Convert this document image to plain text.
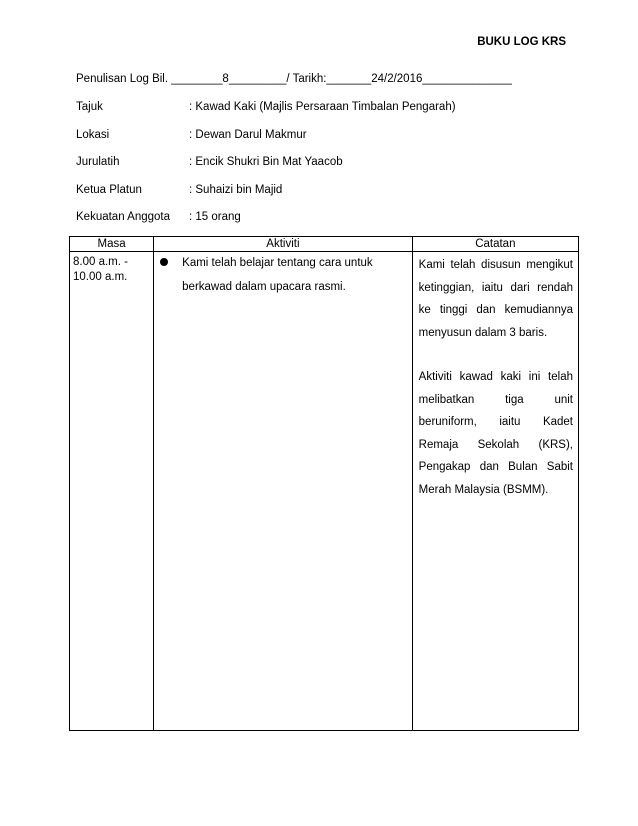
BUKU LOG KRS
Penulisan Log Bil. ________8_________/ Tarikh:_______24/2/2016______________
Tajuk	: Kawad Kaki (Majlis Persaraan Timbalan Pengarah)
Lokasi	: Dewan Darul Makmur
Jurulatih	: Encik Shukri Bin Mat Yaacob
Ketua Platun	: Suhaizi bin Majid
Kekuatan Anggota	: 15 orang
Masa	Aktiviti	Catatan

8.00 a.m. - 10.00 a.m.	Kami telah belajar tentang cara untuk berkawad dalam upacara rasmi.	Kami telah disusun mengikut ketinggian, iaitu dari rendah ke tinggi dan kemudiannya menyusun dalam 3 baris.

Aktiviti kawad kaki ini telah melibatkan tiga unit beruniform, iaitu Kadet Remaja Sekolah (KRS), Pengakap dan Bulan Sabit Merah Malaysia (BSMM).
